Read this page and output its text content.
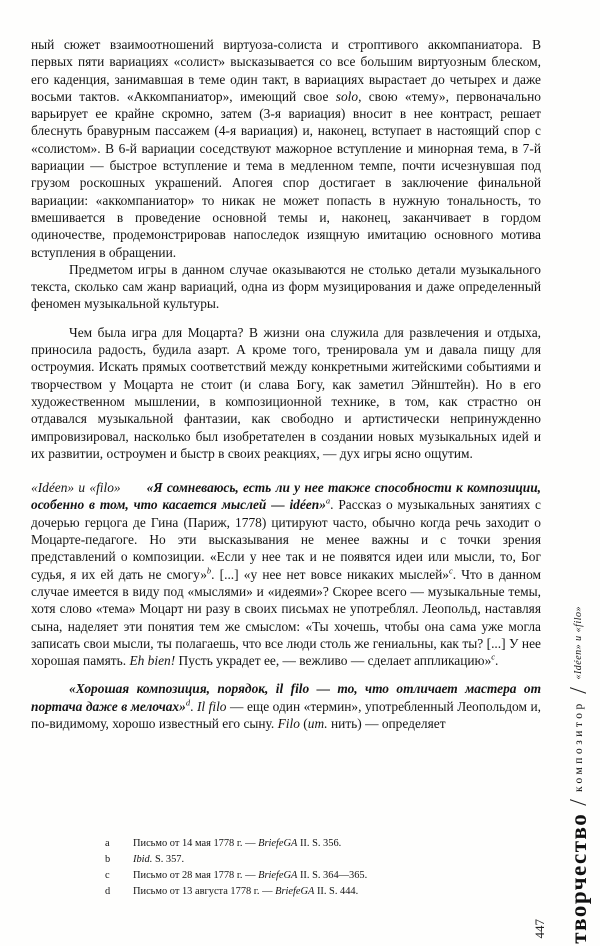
ный сюжет взаимоотношений виртуоза-солиста и строптивого аккомпаниатора. В первых пяти вариациях «солист» высказывается со все большим виртуозным блеском, его каденция, занимавшая в теме один такт, в вариациях вырастает до четырех и даже восьми тактов. «Аккомпаниатор», имеющий свое solo, свою «тему», первоначально варьирует ее крайне скромно, затем (3-я вариация) вносит в нее контраст, решает блеснуть бравурным пассажем (4-я вариация) и, наконец, вступает в настоящий спор с «солистом». В 6-й вариации соседствуют мажорное вступление и минорная тема, в 7-й вариации — быстрое вступление и тема в медленном темпе, почти исчезнувшая под грузом роскошных украшений. Апогея спор достигает в заключение финальной вариации: «аккомпаниатор» то никак не может попасть в нужную тональность, то вмешивается в проведение основной темы и, наконец, заканчивает в гордом одиночестве, продемонстрировав напоследок изящную имитацию основного мотива вступления в обращении.

Предметом игры в данном случае оказываются не столько детали музыкального текста, сколько сам жанр вариаций, одна из форм музицирования и даже определенный феномен музыкальной культуры.

Чем была игра для Моцарта? В жизни она служила для развлечения и отдыха, приносила радость, будила азарт. А кроме того, тренировала ум и давала пищу для остроумия. Искать прямых соответствий между конкретными житейскими событиями и творчеством у Моцарта не стоит (и слава Богу, как заметил Эйнштейн). Но в его художественном мышлении, в композиционной технике, в том, как страстно он отдавался музыкальной фантазии, как свободно и артистически непринужденно импровизировал, насколько был изобретателен в создании новых музыкальных идей и их развитии, остроумен и быстр в своих реакциях, — дух игры ясно ощутим.

«Idéen» и «filo» «Я сомневаюсь, есть ли у нее также способности к композиции, особенно в том, что касается мыслей — idéen»$^a$. Рассказ о музыкальных занятиях с дочерью герцога де Гина (Париж, 1778) цитируют часто, обычно когда речь заходит о Моцарте-педагоге. Но эти высказывания не менее важны и с точки зрения представлений о композиции. «Если у нее так и не появятся идеи или мысли, то, Бог судья, я их ей дать не смогу»$^b$. [...] «у нее нет вовсе никаких мыслей»$^c$. Что в данном случае имеется в виду под «мыслями» и «идеями»? Скорее всего — музыкальные темы, хотя слово «тема» Моцарт ни разу в своих письмах не употреблял. Леопольд, наставляя сына, наделяет эти понятия тем же смыслом: «Ты хочешь, чтобы она сама уже могла записать свои мысли, ты полагаешь, что все люди столь же гениальны, как ты? [...] У нее хорошая память. Eh bien! Пусть украдет ее, — вежливо — сделает аппликацию»$^c$.

«Хорошая композиция, порядок, il filo — то, что отличает мастера от портача даже в мелочах»$^d$. Il filo — еще один «термин», употребленный Леопольдом и, по-видимому, хорошо известный его сыну. Filo (ит. нить) — определяет

a	Письмо от 14 мая 1778 г. — BriefeGA II. S. 356.
b	Ibid. S. 357.
c	Письмо от 28 мая 1778 г. — BriefeGA II. S. 364—365.
d	Письмо от 13 августа 1778 г. — BriefeGA II. S. 444.	творчество/композитор/«Idéen» и «filo»
447
